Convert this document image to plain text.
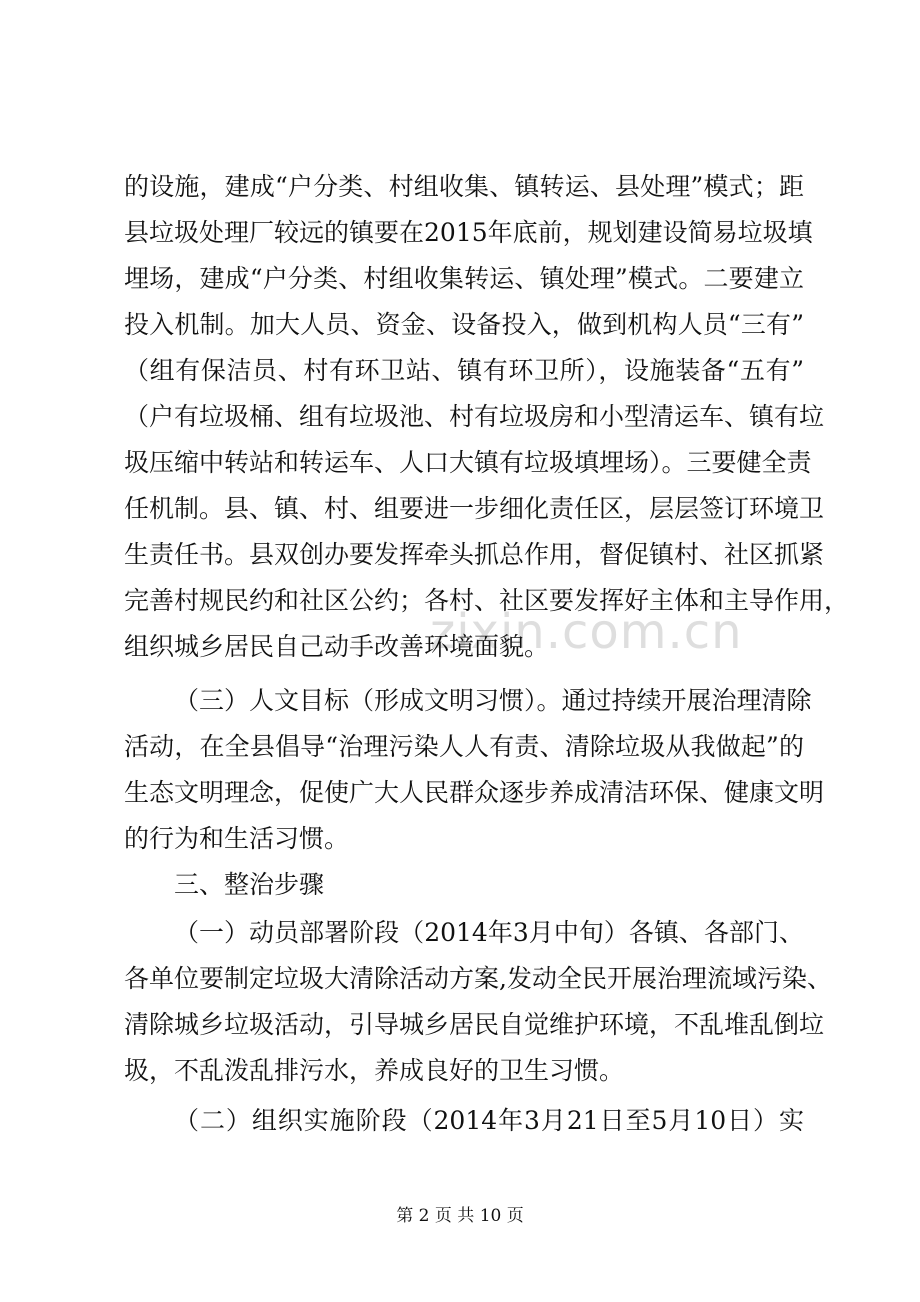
zixin.com.cn
的设施，建成“户分类、村组收集、镇转运、县处理”模式；距
县垃圾处理厂较远的镇要在2015年底前，规划建设简易垃圾填
埋场，建成“户分类、村组收集转运、镇处理”模式。二要建立
投入机制。加大人员、资金、设备投入，做到机构人员“三有”
（组有保洁员、村有环卫站、镇有环卫所），设施装备“五有”
（户有垃圾桶、组有垃圾池、村有垃圾房和小型清运车、镇有垃
圾压缩中转站和转运车、人口大镇有垃圾填埋场）。三要健全责
任机制。县、镇、村、组要进一步细化责任区，层层签订环境卫
生责任书。县双创办要发挥牵头抓总作用，督促镇村、社区抓紧
完善村规民约和社区公约；各村、社区要发挥好主体和主导作用，
组织城乡居民自己动手改善环境面貌。
（三）人文目标（形成文明习惯）。通过持续开展治理清除
活动，在全县倡导“治理污染人人有责、清除垃圾从我做起”的
生态文明理念，促使广大人民群众逐步养成清洁环保、健康文明
的行为和生活习惯。
三、整治步骤
（一）动员部署阶段（2014年3月中旬）各镇、各部门、
各单位要制定垃圾大清除活动方案,发动全民开展治理流域污染、
清除城乡垃圾活动，引导城乡居民自觉维护环境，不乱堆乱倒垃
圾，不乱泼乱排污水，养成良好的卫生习惯。
（二）组织实施阶段（2014年3月21日至5月10日）实
第 2 页 共 10 页
